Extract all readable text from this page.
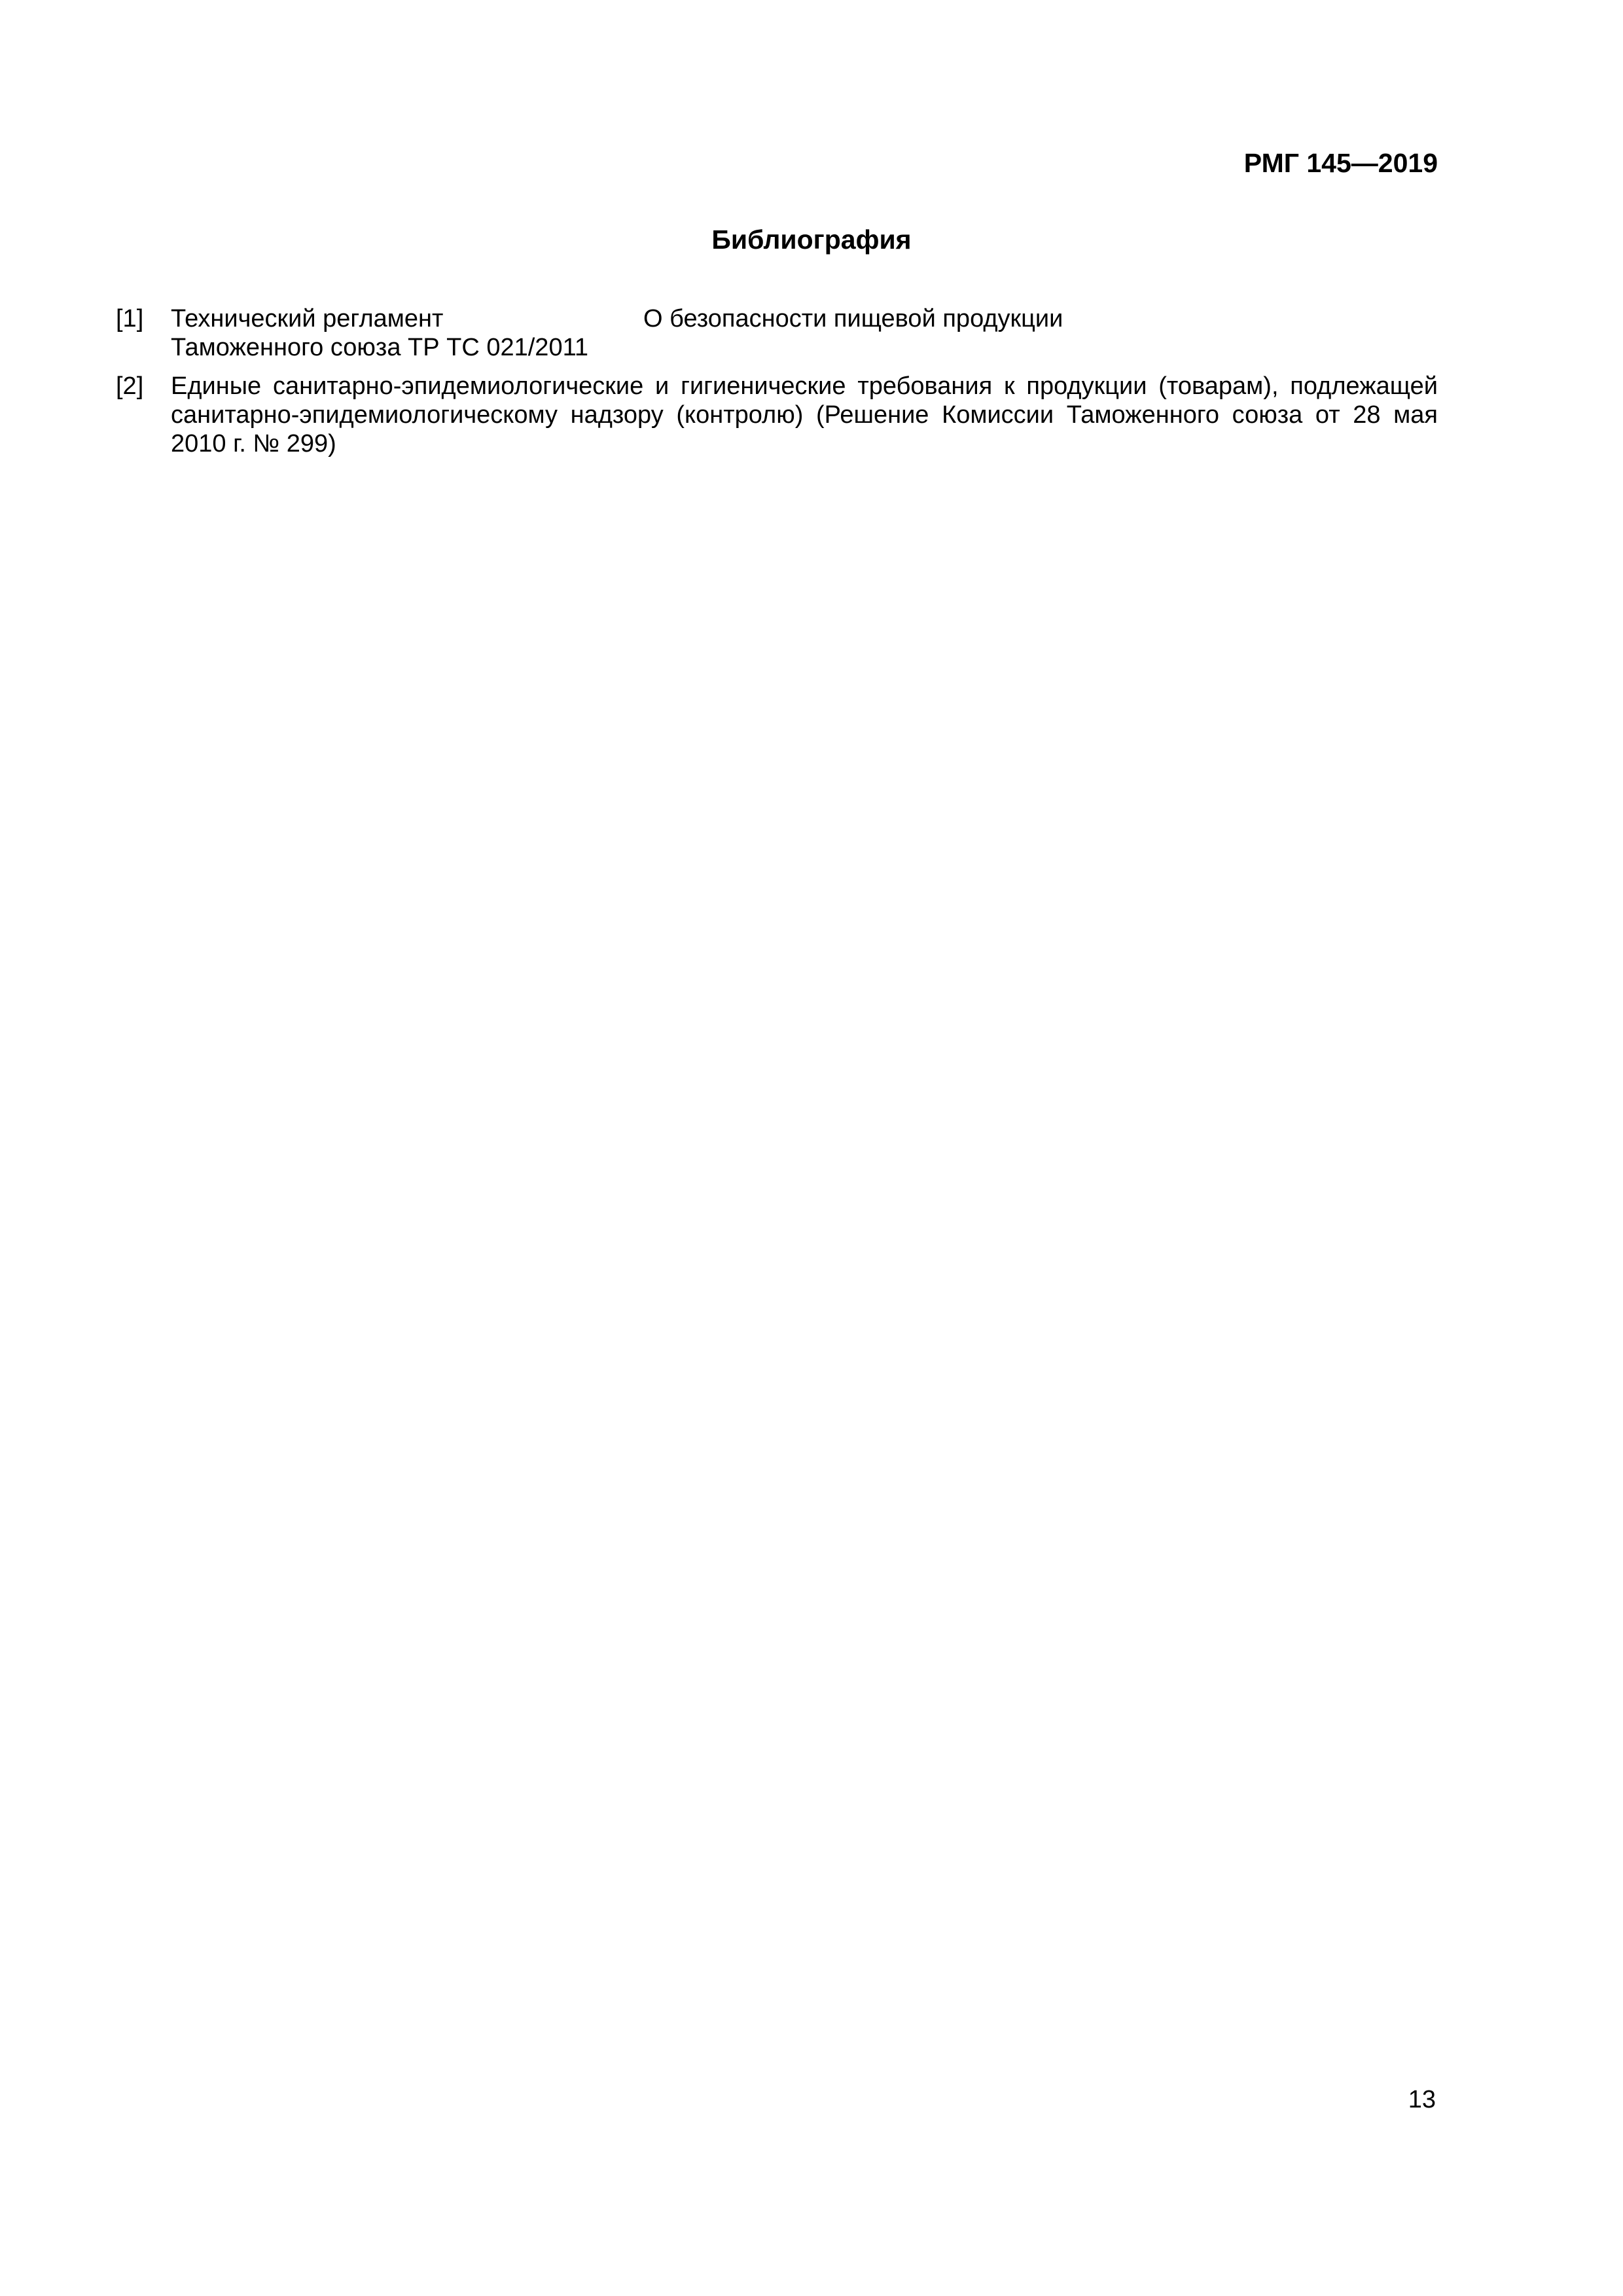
РМГ 145—2019
Библиография
[1] Технический регламент
Таможенного союза ТР ТС 021/2011
О безопасности пищевой продукции
[2] Единые санитарно-эпидемиологические и гигиенические требования к продукции (товарам), подлежащей санитарно-эпидемиологическому надзору (контролю) (Решение Комиссии Таможенного союза от 28 мая 2010 г. № 299)
13
